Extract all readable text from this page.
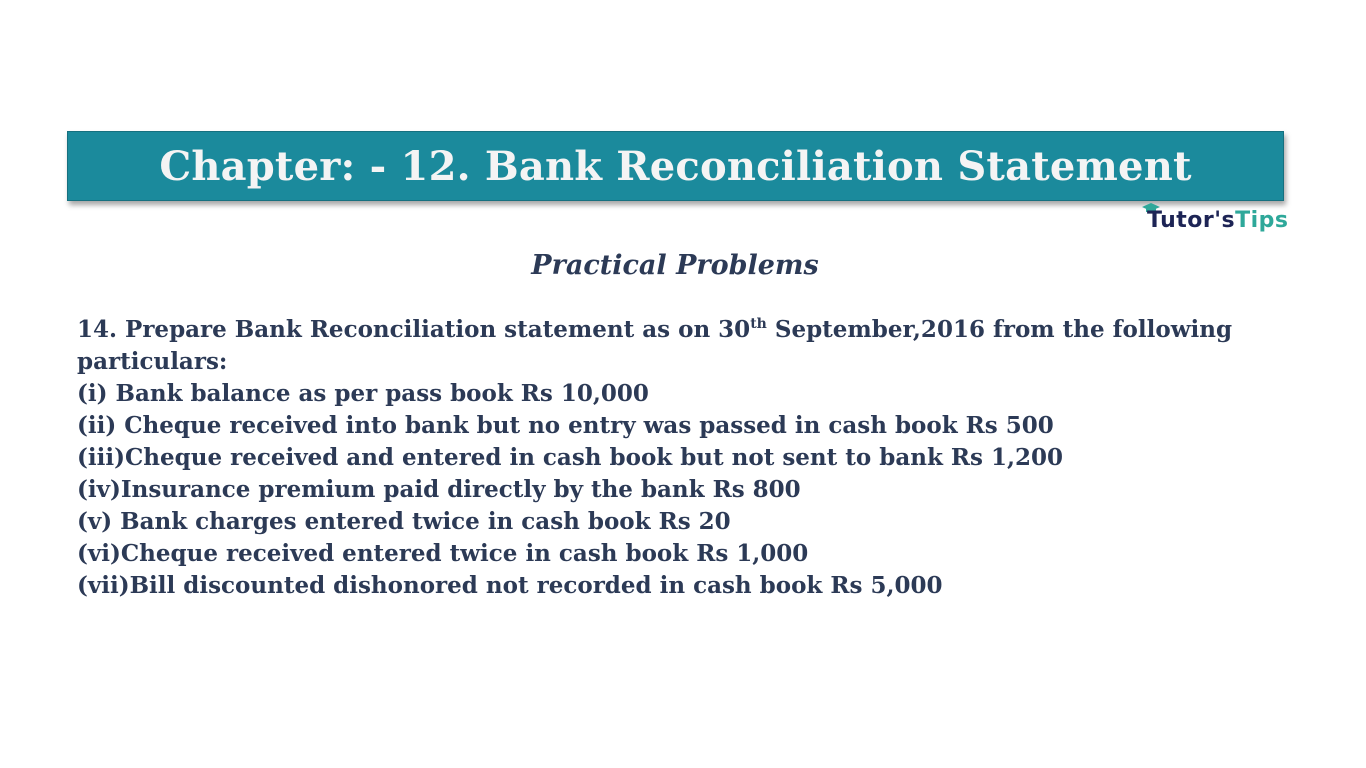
Chapter: - 12. Bank Reconciliation Statement
Tutor'sTips
Practical Problems
14. Prepare Bank Reconciliation statement as on 30th September,2016 from the following
particulars:
(i) Bank balance as per pass book Rs 10,000
(ii) Cheque received into bank but no entry was passed in cash book Rs 500
(iii)Cheque received and entered in cash book but not sent to bank Rs 1,200
(iv)Insurance premium paid directly by the bank Rs 800
(v) Bank charges entered twice in cash book Rs 20
(vi)Cheque received entered twice in cash book Rs 1,000
(vii)Bill discounted dishonored not recorded in cash book Rs 5,000
